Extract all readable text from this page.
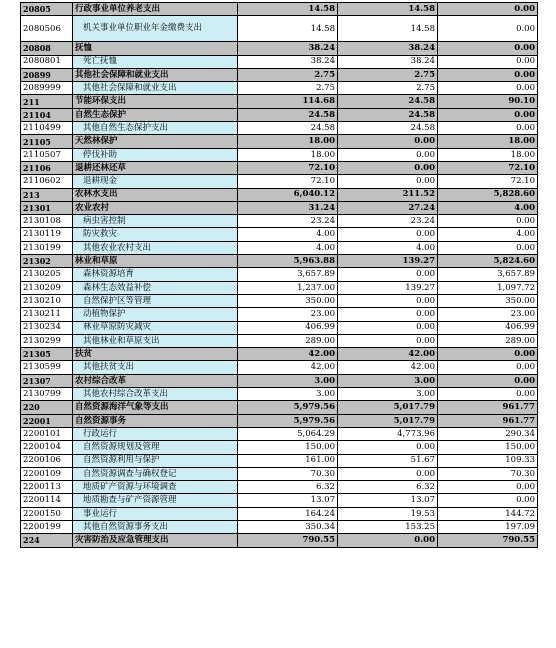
20805	行政事业单位养老支出	14.58	14.58	0.00
2080506	机关事业单位职业年金缴费支出	14.58	14.58	0.00
20808	抚恤	38.24	38.24	0.00
2080801	死亡抚恤	38.24	38.24	0.00
20899	其他社会保障和就业支出	2.75	2.75	0.00
2089999	其他社会保障和就业支出	2.75	2.75	0.00
211	节能环保支出	114.68	24.58	90.10
21104	自然生态保护	24.58	24.58	0.00
2110499	其他自然生态保护支出	24.58	24.58	0.00
21105	天然林保护	18.00	0.00	18.00
2110507	停伐补助	18.00	0.00	18.00
21106	退耕还林还草	72.10	0.00	72.10
2110602	退耕现金	72.10	0.00	72.10
213	农林水支出	6,040.12	211.52	5,828.60
21301	农业农村	31.24	27.24	4.00
2130108	病虫害控制	23.24	23.24	0.00
2130119	防灾救灾	4.00	0.00	4.00
2130199	其他农业农村支出	4.00	4.00	0.00
21302	林业和草原	5,963.88	139.27	5,824.60
2130205	森林资源培育	3,657.89	0.00	3,657.89
2130209	森林生态效益补偿	1,237.00	139.27	1,097.72
2130210	自然保护区等管理	350.00	0.00	350.00
2130211	动植物保护	23.00	0.00	23.00
2130234	林业草原防灾减灾	406.99	0.00	406.99
2130299	其他林业和草原支出	289.00	0.00	289.00
21305	扶贫	42.00	42.00	0.00
2130599	其他扶贫支出	42.00	42.00	0.00
21307	农村综合改革	3.00	3.00	0.00
2130799	其他农村综合改革支出	3.00	3.00	0.00
220	自然资源海洋气象等支出	5,979.56	5,017.79	961.77
22001	自然资源事务	5,979.56	5,017.79	961.77
2200101	行政运行	5,064.29	4,773.96	290.34
2200104	自然资源规划及管理	150.00	0.00	150.00
2200106	自然资源利用与保护	161.00	51.67	109.33
2200109	自然资源调查与确权登记	70.30	0.00	70.30
2200113	地质矿产资源与环境调查	6.32	6.32	0.00
2200114	地质勘查与矿产资源管理	13.07	13.07	0.00
2200150	事业运行	164.24	19.53	144.72
2200199	其他自然资源事务支出	350.34	153.25	197.09
224	灾害防治及应急管理支出	790.55	0.00	790.55
